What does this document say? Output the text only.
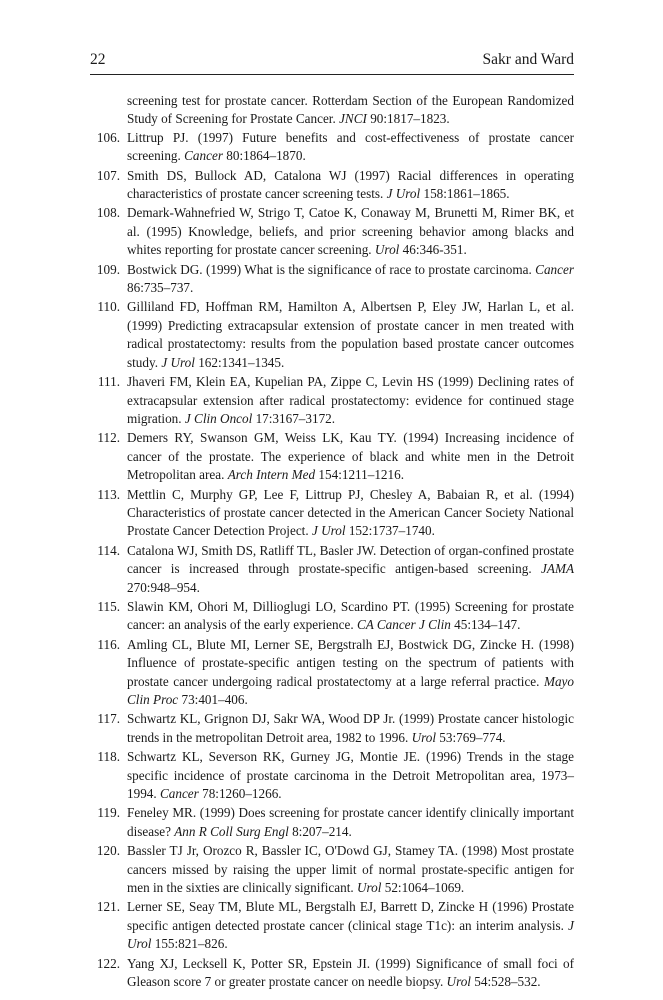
22	Sakr and Ward
screening test for prostate cancer. Rotterdam Section of the European Randomized Study of Screening for Prostate Cancer. JNCI 90:1817–1823.
106. Littrup PJ. (1997) Future benefits and cost-effectiveness of prostate cancer screening. Cancer 80:1864–1870.
107. Smith DS, Bullock AD, Catalona WJ (1997) Racial differences in operating characteristics of prostate cancer screening tests. J Urol 158:1861–1865.
108. Demark-Wahnefried W, Strigo T, Catoe K, Conaway M, Brunetti M, Rimer BK, et al. (1995) Knowledge, beliefs, and prior screening behavior among blacks and whites reporting for prostate cancer screening. Urol 46:346-351.
109. Bostwick DG. (1999) What is the significance of race to prostate carcinoma. Cancer 86:735–737.
110. Gilliland FD, Hoffman RM, Hamilton A, Albertsen P, Eley JW, Harlan L, et al. (1999) Predicting extracapsular extension of prostate cancer in men treated with radical prostatectomy: results from the population based prostate cancer outcomes study. J Urol 162:1341–1345.
111. Jhaveri FM, Klein EA, Kupelian PA, Zippe C, Levin HS (1999) Declining rates of extracapsular extension after radical prostatectomy: evidence for continued stage migration. J Clin Oncol 17:3167–3172.
112. Demers RY, Swanson GM, Weiss LK, Kau TY. (1994) Increasing incidence of cancer of the prostate. The experience of black and white men in the Detroit Metropolitan area. Arch Intern Med 154:1211–1216.
113. Mettlin C, Murphy GP, Lee F, Littrup PJ, Chesley A, Babaian R, et al. (1994) Characteristics of prostate cancer detected in the American Cancer Society National Prostate Cancer Detection Project. J Urol 152:1737–1740.
114. Catalona WJ, Smith DS, Ratliff TL, Basler JW. Detection of organ-confined prostate cancer is increased through prostate-specific antigen-based screening. JAMA 270:948–954.
115. Slawin KM, Ohori M, Dillioglugi LO, Scardino PT. (1995) Screening for prostate cancer: an analysis of the early experience. CA Cancer J Clin 45:134–147.
116. Amling CL, Blute MI, Lerner SE, Bergstralh EJ, Bostwick DG, Zincke H. (1998) Influence of prostate-specific antigen testing on the spectrum of patients with prostate cancer undergoing radical prostatectomy at a large referral practice. Mayo Clin Proc 73:401–406.
117. Schwartz KL, Grignon DJ, Sakr WA, Wood DP Jr. (1999) Prostate cancer histologic trends in the metropolitan Detroit area, 1982 to 1996. Urol 53:769–774.
118. Schwartz KL, Severson RK, Gurney JG, Montie JE. (1996) Trends in the stage specific incidence of prostate carcinoma in the Detroit Metropolitan area, 1973–1994. Cancer 78:1260–1266.
119. Feneley MR. (1999) Does screening for prostate cancer identify clinically important disease? Ann R Coll Surg Engl 8:207–214.
120. Bassler TJ Jr, Orozco R, Bassler IC, O'Dowd GJ, Stamey TA. (1998) Most prostate cancers missed by raising the upper limit of normal prostate-specific antigen for men in the sixties are clinically significant. Urol 52:1064–1069.
121. Lerner SE, Seay TM, Blute ML, Bergstalh EJ, Barrett D, Zincke H (1996) Prostate specific antigen detected prostate cancer (clinical stage T1c): an interim analysis. J Urol 155:821–826.
122. Yang XJ, Lecksell K, Potter SR, Epstein JI. (1999) Significance of small foci of Gleason score 7 or greater prostate cancer on needle biopsy. Urol 54:528–532.
